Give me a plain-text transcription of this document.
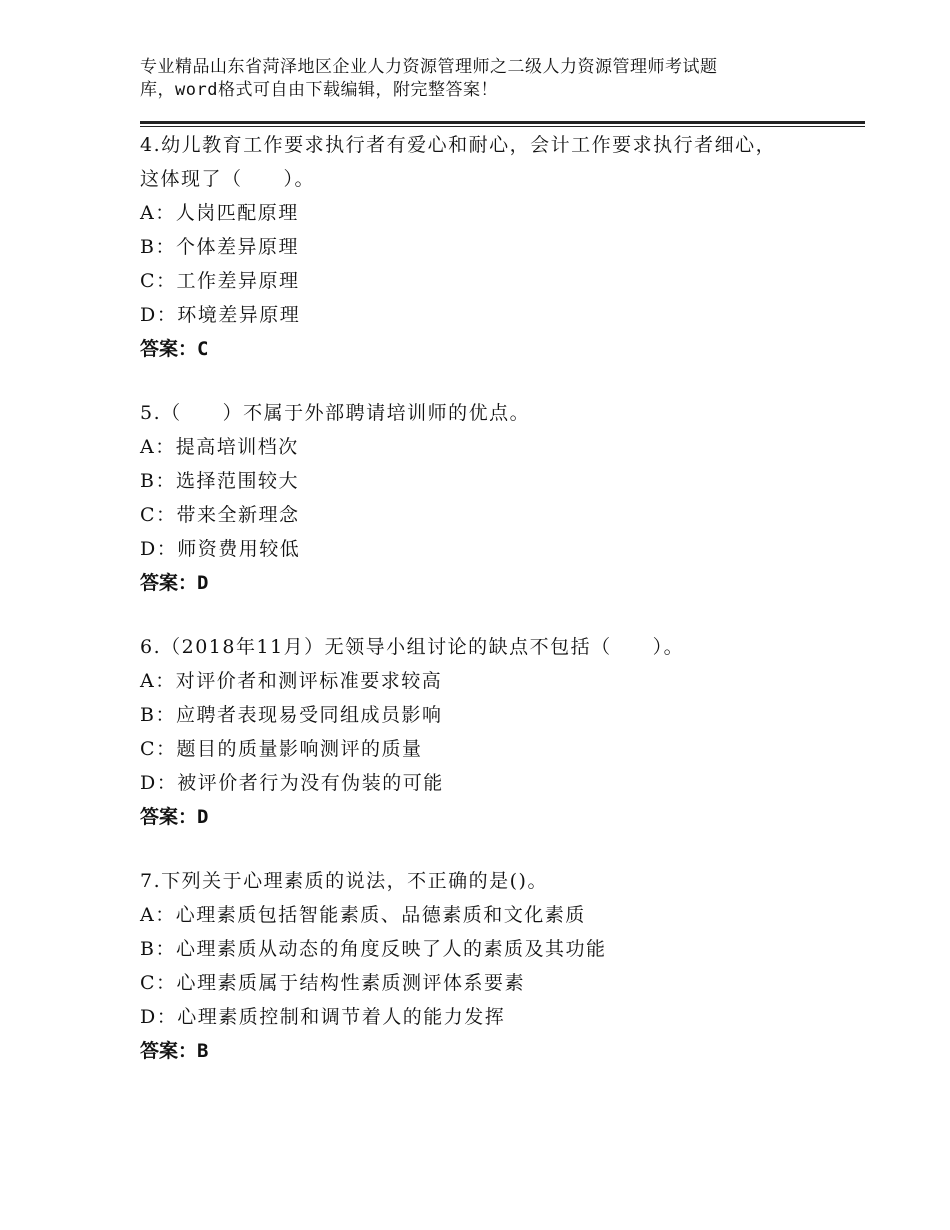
专业精品山东省菏泽地区企业人力资源管理师之二级人力资源管理师考试题
库，word格式可自由下载编辑，附完整答案！
4.幼儿教育工作要求执行者有爱心和耐心，会计工作要求执行者细心，这体现了（　　）。
A：人岗匹配原理
B：个体差异原理
C：工作差异原理
D：环境差异原理
答案：C
5.（　　）不属于外部聘请培训师的优点。
A：提高培训档次
B：选择范围较大
C：带来全新理念
D：师资费用较低
答案：D
6.（2018年11月）无领导小组讨论的缺点不包括（　　）。
A：对评价者和测评标准要求较高
B：应聘者表现易受同组成员影响
C：题目的质量影响测评的质量
D：被评价者行为没有伪装的可能
答案：D
7.下列关于心理素质的说法，不正确的是()。
A：心理素质包括智能素质、品德素质和文化素质
B：心理素质从动态的角度反映了人的素质及其功能
C：心理素质属于结构性素质测评体系要素
D：心理素质控制和调节着人的能力发挥
答案：B
